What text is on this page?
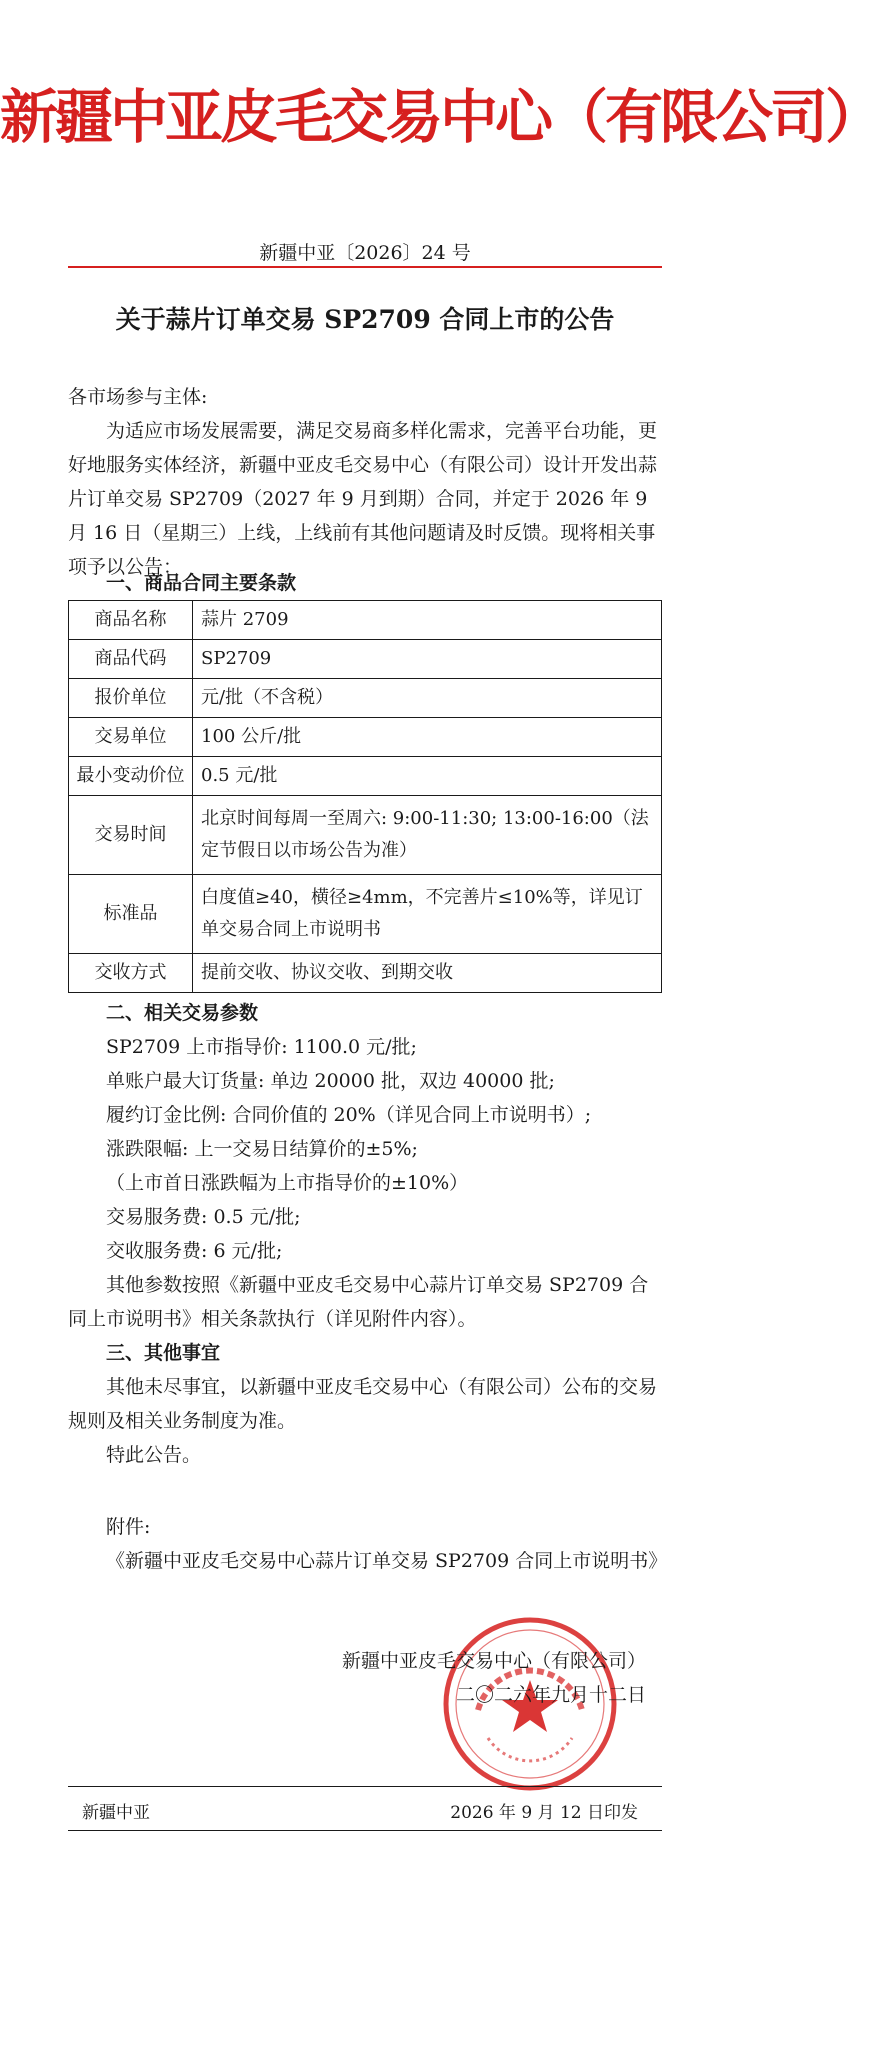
新疆中亚皮毛交易中心（有限公司）
新疆中亚〔2026〕24 号
关于蒜片订单交易 SP2709 合同上市的公告
各市场参与主体:
为适应市场发展需要，满足交易商多样化需求，完善平台功能，更好地服务实体经济，新疆中亚皮毛交易中心（有限公司）设计开发出蒜片订单交易 SP2709（2027 年 9 月到期）合同，并定于 2026 年 9 月 16 日（星期三）上线，上线前有其他问题请及时反馈。现将相关事项予以公告：
一、商品合同主要条款
商品名称	蒜片 2709
商品代码	SP2709
报价单位	元/批（不含税）
交易单位	100 公斤/批
最小变动价位	0.5 元/批
交易时间	北京时间每周一至周六: 9:00-11:30; 13:00-16:00（法定节假日以市场公告为准）
标准品	白度值≥40，横径≥4mm，不完善片≤10%等，详见订单交易合同上市说明书
交收方式	提前交收、协议交收、到期交收
二、相关交易参数
SP2709 上市指导价: 1100.0 元/批;
单账户最大订货量: 单边 20000 批，双边 40000 批;
履约订金比例: 合同价值的 20%（详见合同上市说明书）;
涨跌限幅: 上一交易日结算价的±5%;
（上市首日涨跌幅为上市指导价的±10%）
交易服务费: 0.5 元/批;
交收服务费: 6 元/批;
其他参数按照《新疆中亚皮毛交易中心蒜片订单交易 SP2709 合同上市说明书》相关条款执行（详见附件内容）。
三、其他事宜
其他未尽事宜，以新疆中亚皮毛交易中心（有限公司）公布的交易规则及相关业务制度为准。
特此公告。
附件:
《新疆中亚皮毛交易中心蒜片订单交易 SP2709 合同上市说明书》
新疆中亚皮毛交易中心（有限公司）
二〇二六年九月十二日
新疆中亚	2026 年 9 月 12 日印发
